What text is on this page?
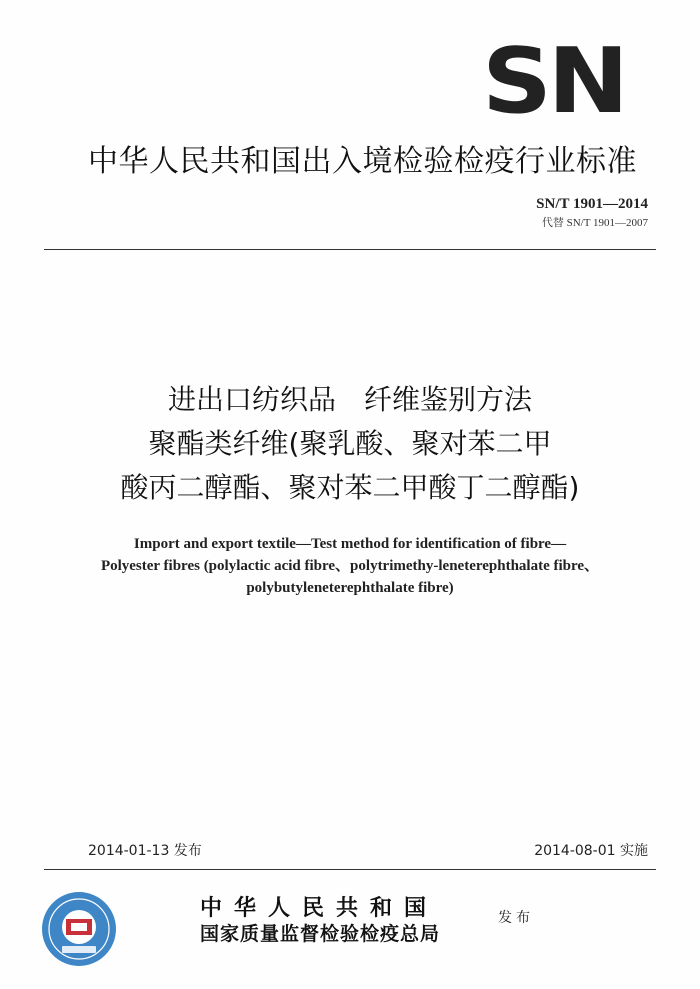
SN
中华人民共和国出入境检验检疫行业标准
SN/T 1901—2014
代替 SN/T 1901—2007
进出口纺织品　纤维鉴别方法
聚酯类纤维(聚乳酸、聚对苯二甲
酸丙二醇酯、聚对苯二甲酸丁二醇酯)
Import and export textile—Test method for identification of fibre—
Polyester fibres (polylactic acid fibre、polytrimethy-leneterephthalate fibre、
polybutyleneterephthalate fibre)
2014-01-13 发布	2014-08-01 实施
中华人民共和国
国家质量监督检验检疫总局
发布
